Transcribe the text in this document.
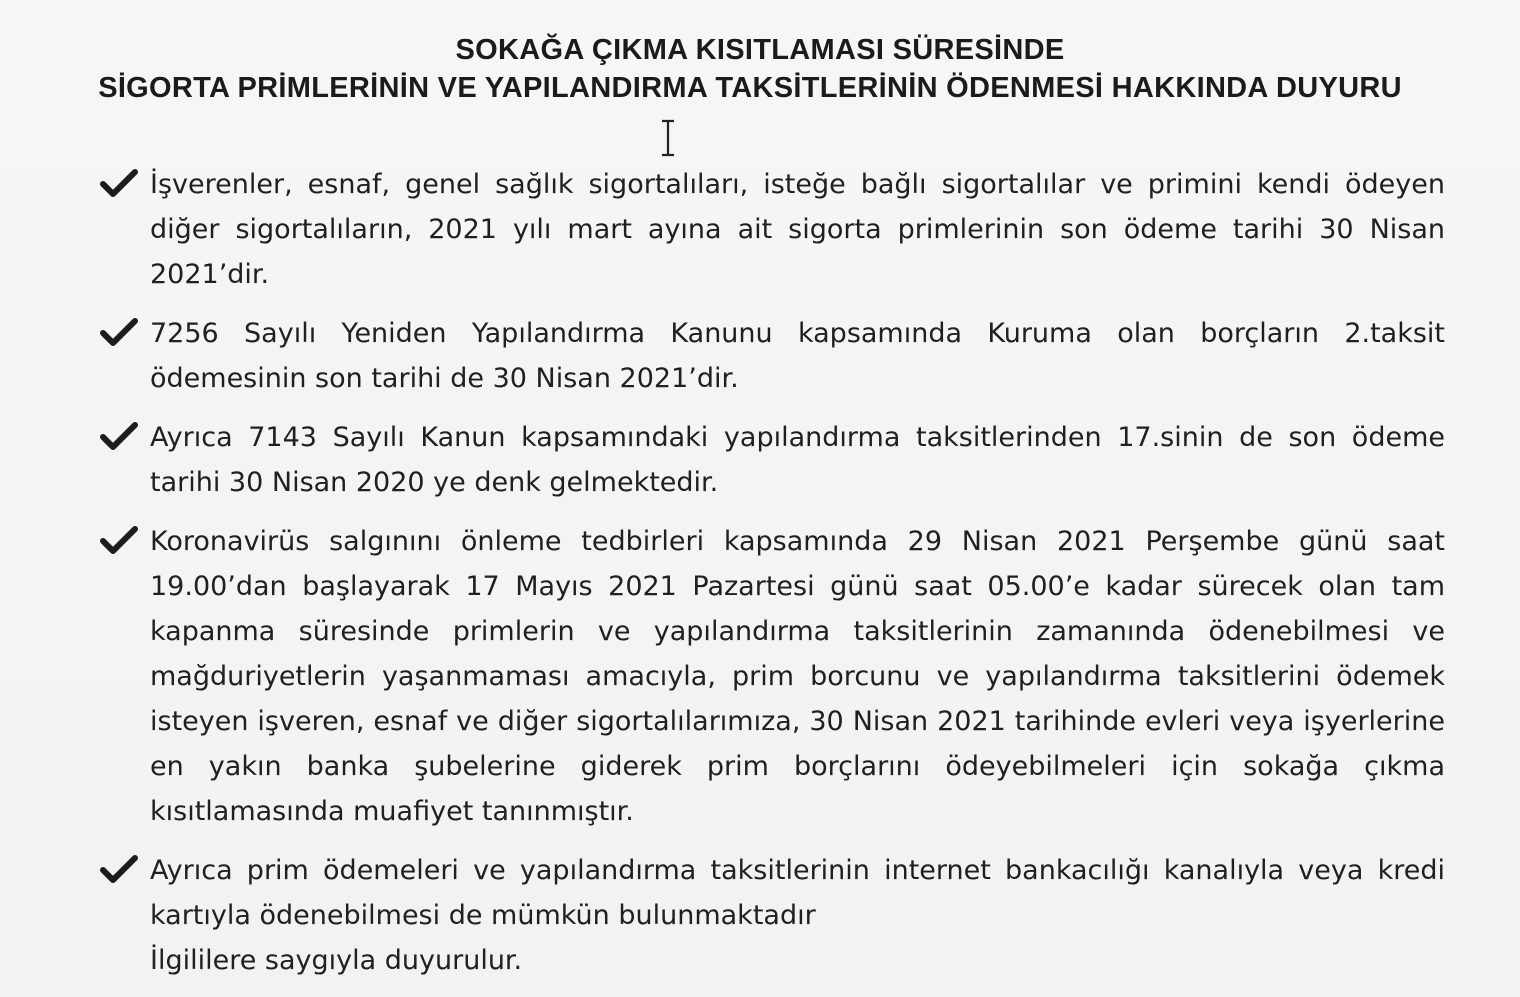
SOKAĞA ÇIKMA KISITLAMASI SÜRESİNDE
SİGORTA PRİMLERİNİN VE YAPILANDIRMA TAKSİTLERİNİN ÖDENMESİ HAKKINDA DUYURU
İşverenler, esnaf, genel sağlık sigortalıları, isteğe bağlı sigortalılar ve primini kendi ödeyen diğer sigortalıların, 2021 yılı mart ayına ait sigorta primlerinin son ödeme tarihi 30 Nisan 2021’dir.
7256 Sayılı Yeniden Yapılandırma Kanunu kapsamında Kuruma olan borçların 2.taksit ödemesinin son tarihi de 30 Nisan 2021’dir.
Ayrıca 7143 Sayılı Kanun kapsamındaki yapılandırma taksitlerinden 17.sinin de son ödeme tarihi 30 Nisan 2020 ye denk gelmektedir.
Koronavirüs salgınını önleme tedbirleri kapsamında 29 Nisan 2021 Perşembe günü saat 19.00’dan başlayarak 17 Mayıs 2021 Pazartesi günü saat 05.00’e kadar sürecek olan tam kapanma süresinde primlerin ve yapılandırma taksitlerinin zamanında ödenebilmesi ve mağduriyetlerin yaşanmaması amacıyla, prim borcunu ve yapılandırma taksitlerini ödemek isteyen işveren, esnaf ve diğer sigortalılarımıza, 30 Nisan 2021 tarihinde evleri veya işyerlerine en yakın banka şubelerine giderek prim borçlarını ödeyebilmeleri için sokağa çıkma kısıtlamasında muafiyet tanınmıştır.
Ayrıca prim ödemeleri ve yapılandırma taksitlerinin internet bankacılığı kanalıyla veya kredi kartıyla ödenebilmesi de mümkün bulunmaktadır
İlgililere saygıyla duyurulur.
